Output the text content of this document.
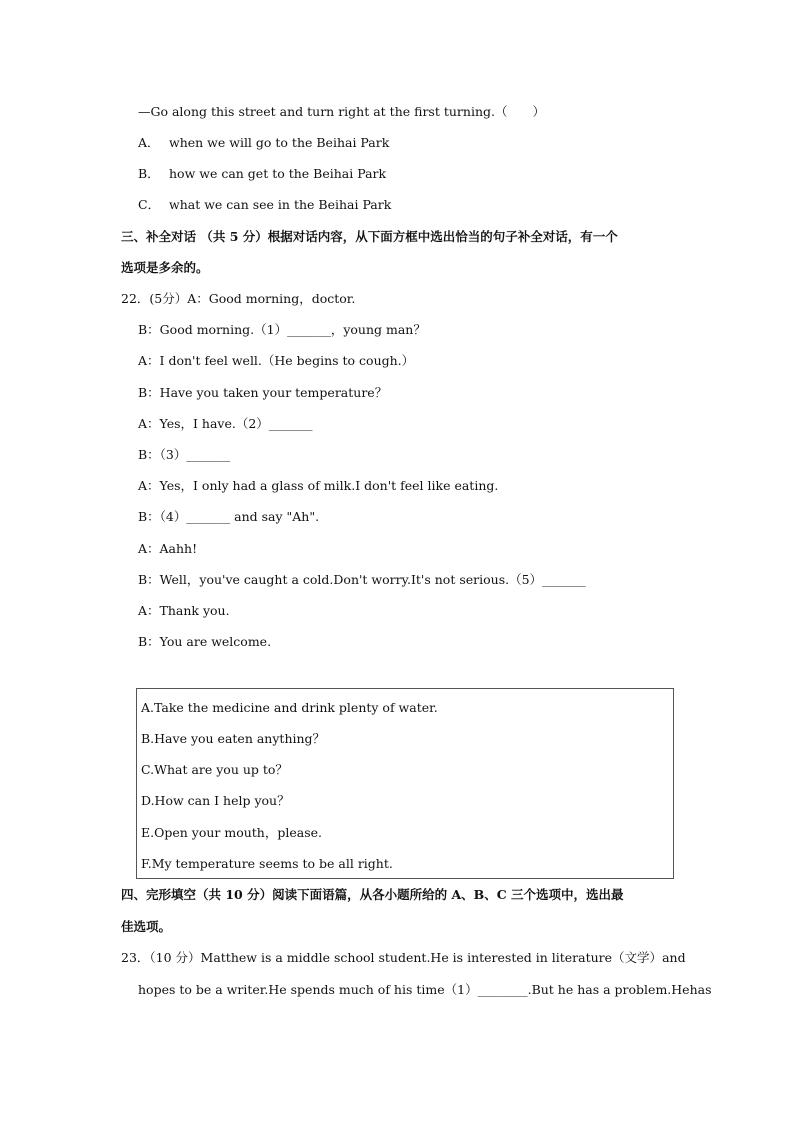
—Go along this street and turn right at the first turning.（　　）
A． when we will go to the Beihai Park
B． how we can get to the Beihai Park
C． what we can see in the Beihai Park
三、补全对话 （共 5 分）根据对话内容，从下面方框中选出恰当的句子补全对话，有一个
选项是多余的。
22．(5分）A：Good morning，doctor.
B：Good morning.（1）_______，young man？
A：I don't feel well.（He begins to cough.）
B：Have you taken your temperature？
A：Yes，I have.（2）_______
B：（3）_______
A：Yes，I only had a glass of milk.I don't feel like eating.
B：（4）_______ and say "Ah".
A：Aahh!
B：Well，you've caught a cold.Don't worry.It's not serious.（5）_______
A：Thank you.
B：You are welcome.
A.Take the medicine and drink plenty of water.
B.Have you eaten anything？
C.What are you up to？
D.How can I help you？
E.Open your mouth，please.
F.My temperature seems to be all right.
四、完形填空（共 10 分）阅读下面语篇，从各小题所给的 A、B、C 三个选项中，选出最
佳选项。
23．（10 分）Matthew is a middle school student.He is interested in literature （文学） and
hopes to be a writer.He spends much of his time（1）________.But he has a problem.He has
